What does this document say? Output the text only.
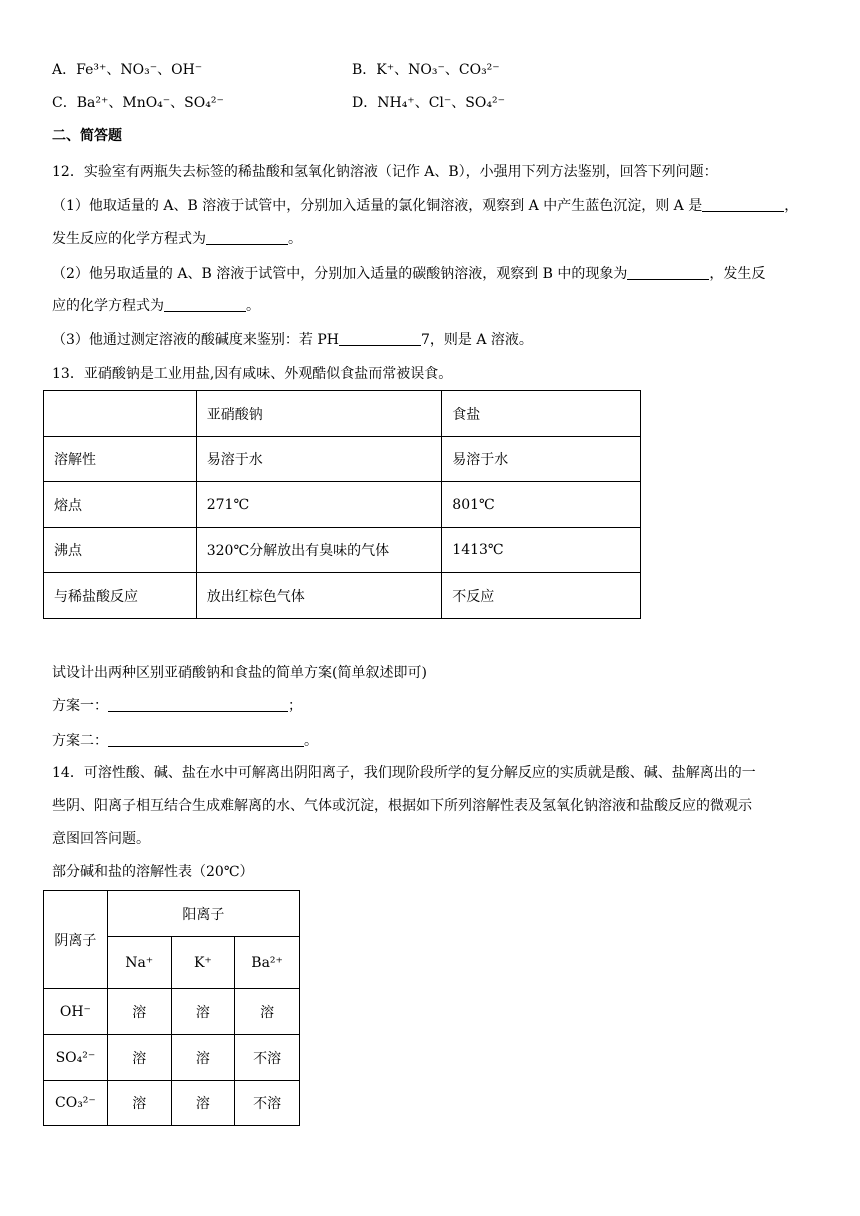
A．Fe³⁺、NO₃⁻、OH⁻	B．K⁺、NO₃⁻、CO₃²⁻
C．Ba²⁺、MnO₄⁻、SO₄²⁻	D．NH₄⁺、Cl⁻、SO₄²⁻
二、简答题
12．实验室有两瓶失去标签的稀盐酸和氢氧化钠溶液（记作 A、B），小强用下列方法鉴别，回答下列问题：
（1）他取适量的 A、B 溶液于试管中，分别加入适量的氯化铜溶液，观察到 A 中产生蓝色沉淀，则 A 是	，
发生反应的化学方程式为	。
（2）他另取适量的 A、B 溶液于试管中，分别加入适量的碳酸钠溶液，观察到 B 中的现象为	，发生反
应的化学方程式为	。
（3）他通过测定溶液的酸碱度来鉴别：若 PH	7，则是 A 溶液。
13．亚硝酸钠是工业用盐,因有咸味、外观酷似食盐而常被误食。
	亚硝酸钠	食盐
溶解性	易溶于水	易溶于水
熔点	271℃	801℃
沸点	320℃分解放出有臭味的气体	1413℃
与稀盐酸反应	放出红棕色气体	不反应
试设计出两种区别亚硝酸钠和食盐的简单方案(简单叙述即可)
方案一：	；
方案二：	。
14．可溶性酸、碱、盐在水中可解离出阴阳离子，我们现阶段所学的复分解反应的实质就是酸、碱、盐解离出的一
些阴、阳离子相互结合生成难解离的水、气体或沉淀，根据如下所列溶解性表及氢氧化钠溶液和盐酸反应的微观示
意图回答问题。
部分碱和盐的溶解性表（20℃）
阴离子	阳离子		
	Na⁺	K⁺	Ba²⁺
OH⁻	溶	溶	溶
SO₄²⁻	溶	溶	不溶
CO₃²⁻	溶	溶	不溶
